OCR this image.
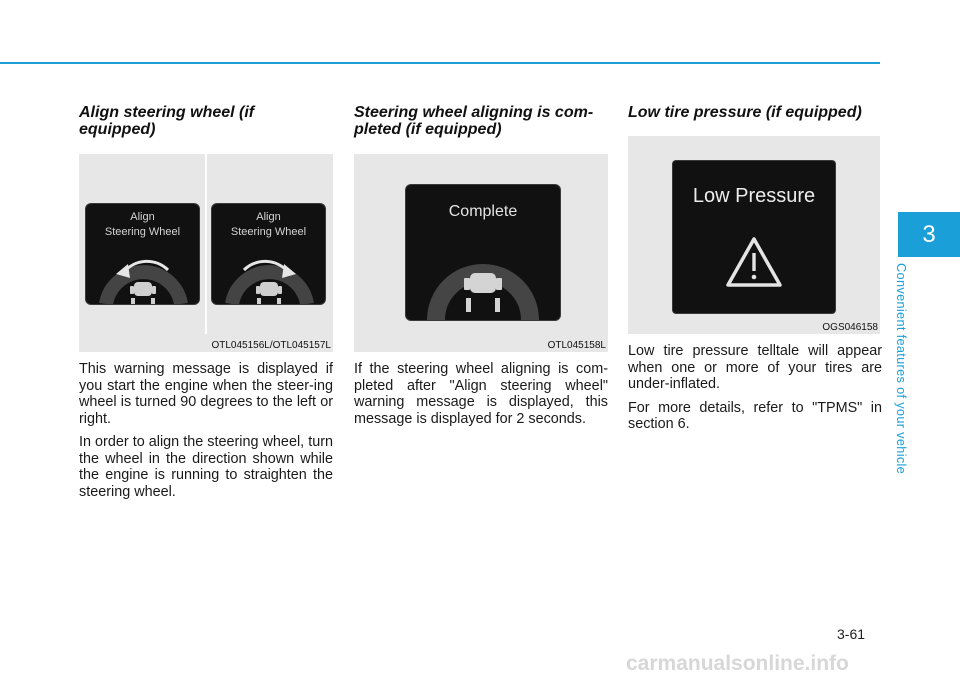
Align steering wheel (if equipped)
Align
Steering Wheel
Align
Steering Wheel
OTL045156L/OTL045157L

This warning message is displayed if you start the engine when the steer-ing wheel is turned 90 degrees to the left or right.

In order to align the steering wheel, turn the wheel in the direction shown while the engine is running to straighten the steering wheel.

Steering wheel aligning is com-pleted (if equipped)
Complete
OTL045158L

If the steering wheel aligning is com-pleted after "Align steering wheel" warning message is displayed, this message is displayed for 2 seconds.

Low tire pressure (if equipped)
Low Pressure
OGS046158

Low tire pressure telltale will appear when one or more of your tires are under-inflated.

For more details, refer to "TPMS" in section 6.

3
Convenient features of your vehicle
3-61
carmanualsonline.info
